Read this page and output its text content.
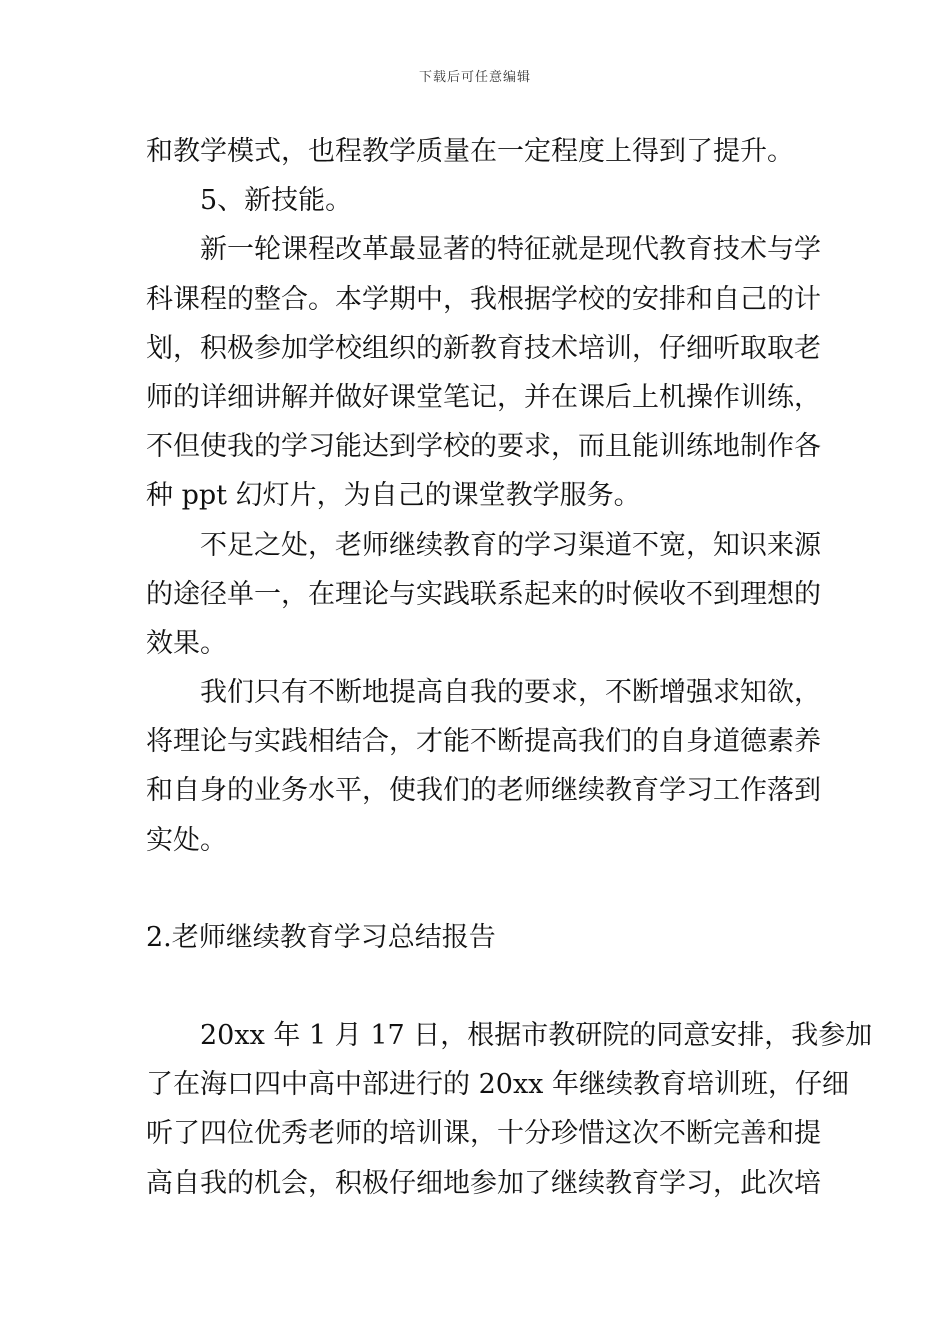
下载后可任意编辑
和教学模式，也程教学质量在一定程度上得到了提升。
5、新技能。
新一轮课程改革最显著的特征就是现代教育技术与学
科课程的整合。本学期中，我根据学校的安排和自己的计
划，积极参加学校组织的新教育技术培训，仔细听取取老
师的详细讲解并做好课堂笔记，并在课后上机操作训练，
不但使我的学习能达到学校的要求，而且能训练地制作各
种 ppt 幻灯片，为自己的课堂教学服务。
不足之处，老师继续教育的学习渠道不宽，知识来源
的途径单一，在理论与实践联系起来的时候收不到理想的
效果。
我们只有不断地提高自我的要求，不断增强求知欲，
将理论与实践相结合，才能不断提高我们的自身道德素养
和自身的业务水平，使我们的老师继续教育学习工作落到
实处。
2.老师继续教育学习总结报告
20xx 年 1 月 17 日，根据市教研院的同意安排，我参加
了在海口四中高中部进行的 20xx 年继续教育培训班，仔细
听了四位优秀老师的培训课，十分珍惜这次不断完善和提
高自我的机会，积极仔细地参加了继续教育学习，此次培
